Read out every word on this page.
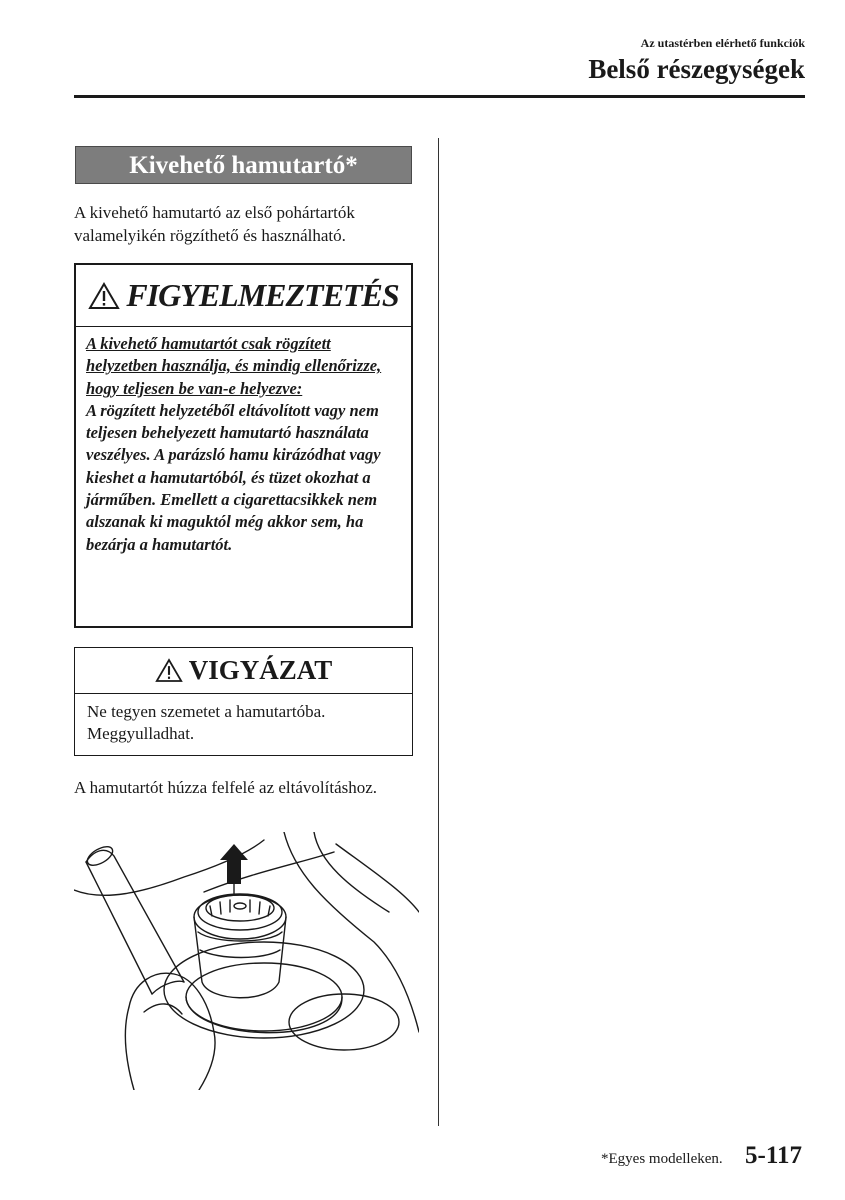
Az utastérben elérhető funkciók
Belső részegységek
Kivehető hamutartó*
A kivehető hamutartó az első pohártartók valamelyikén rögzíthető és használható.
FIGYELMEZTETÉS
A kivehető hamutartót csak rögzített helyzetben használja, és mindig ellenőrizze, hogy teljesen be van-e helyezve:
A rögzített helyzetéből eltávolított vagy nem teljesen behelyezett hamutartó használata veszélyes. A parázsló hamu kirázódhat vagy kieshet a hamutartóból, és tüzet okozhat a járműben. Emellett a cigarettacsikkek nem alszanak ki maguktól még akkor sem, ha bezárja a hamutartót.
VIGYÁZAT
Ne tegyen szemetet a hamutartóba. Meggyulladhat.
A hamutartót húzza felfelé az eltávolításhoz.
*Egyes modelleken. 5-117
